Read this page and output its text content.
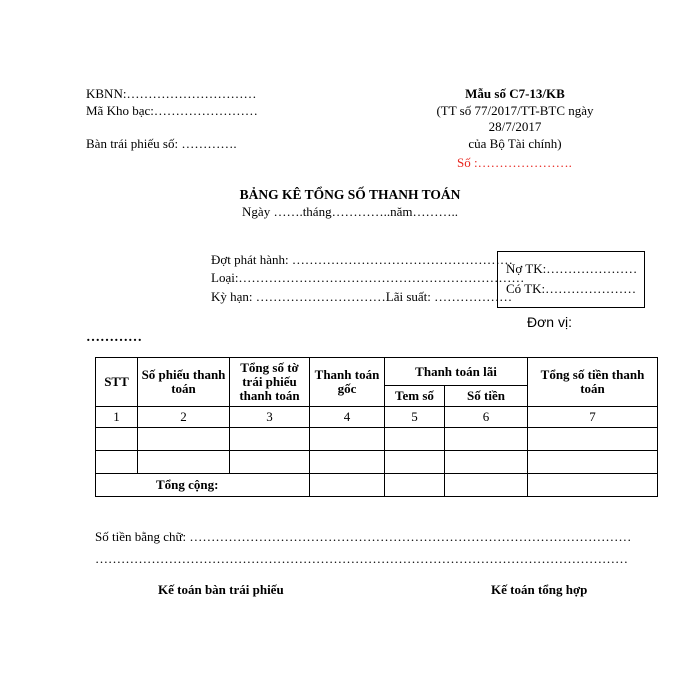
KBNN:…………………………
Mã Kho bạc:……………………
Bàn trái phiếu số: ………….
Mẫu số C7-13/KB
(TT số 77/2017/TT-BTC ngày
28/7/2017
của Bộ Tài chính)
Số :………………….
BẢNG KÊ TỔNG SỐ THANH TOÁN
Ngày …….tháng…………..năm………..
Đợt phát hành: ……………………………………………
Loại:…………………………………………………………
Kỳ hạn: …………………………Lãi suất: ………………
Nợ TK:…………………
Có TK:…………………
Đơn vị:
…………
STT	Số phiếu thanh toán	Tổng số tờ trái phiếu thanh toán	Thanh toán gốc	Thanh toán lãi		Tổng số tiền thanh toán
				Tem số	Số tiền	
1	2	3	4	5	6	7

Tổng cộng:						
Số tiền bằng chữ: …………………………………………………………………………………………
……………………………………………………………………………………………………………
Kế toán bàn trái phiếu	Kế toán tổng hợp
